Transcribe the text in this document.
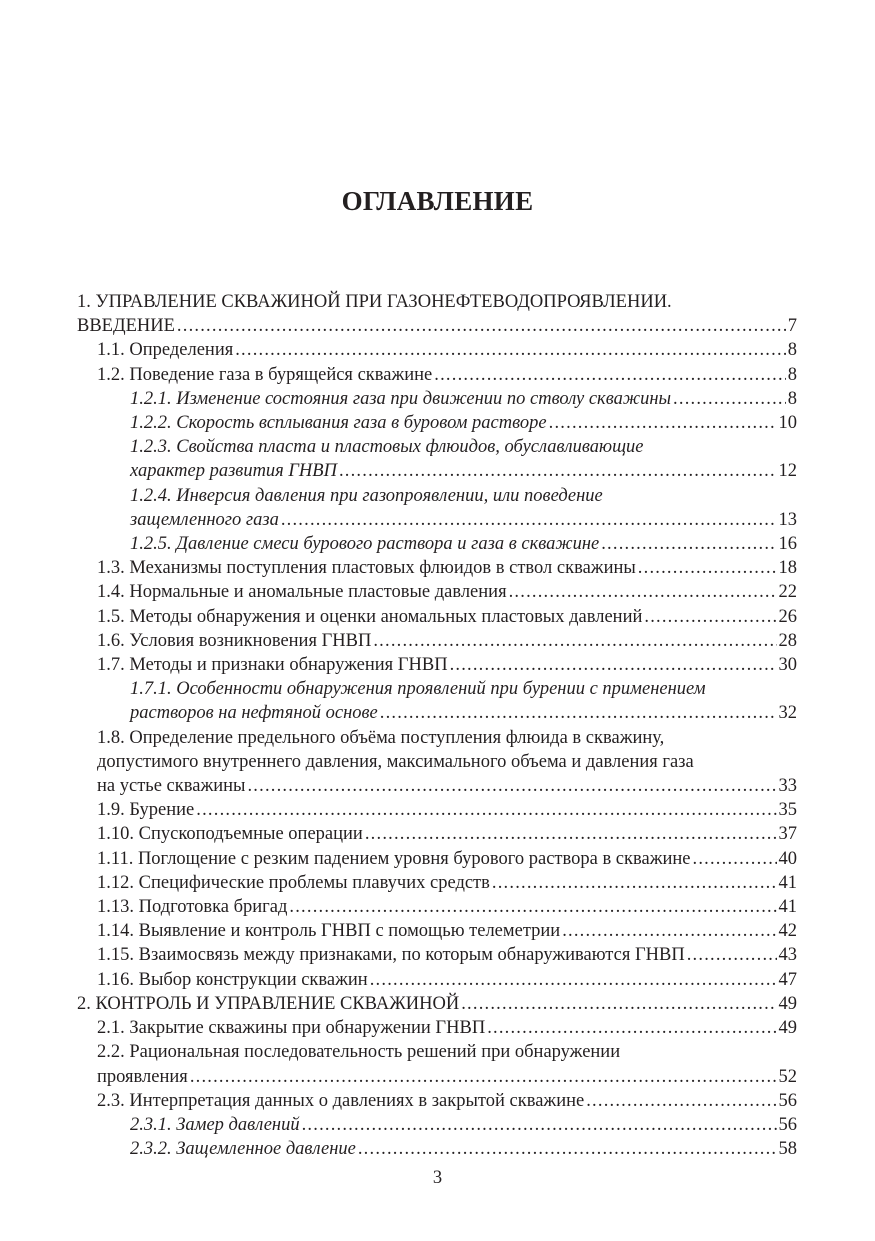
ОГЛАВЛЕНИЕ
1. УПРАВЛЕНИЕ СКВАЖИНОЙ ПРИ ГАЗОНЕФТЕВОДОПРОЯВЛЕНИИ.
ВВЕДЕНИЕ .....	7
1.1. Определения .....	8
1.2. Поведение газа в бурящейся скважине .....	8
1.2.1. Изменение состояния газа при движении по стволу скважины .....	8
1.2.2. Скорость всплывания газа в буровом растворе .....	10
1.2.3. Свойства пласта и пластовых флюидов, обуславливающие
характер развития ГНВП .....	12
1.2.4. Инверсия давления при газопроявлении, или поведение
защемленного газа .....	13
1.2.5. Давление смеси бурового раствора и газа в скважине .....	16
1.3. Механизмы поступления пластовых флюидов в ствол скважины .....	18
1.4. Нормальные и аномальные пластовые давления .....	22
1.5. Методы обнаружения и оценки аномальных пластовых давлений .....	26
1.6. Условия возникновения ГНВП .....	28
1.7. Методы и признаки обнаружения ГНВП .....	30
1.7.1. Особенности обнаружения проявлений при бурении с применением
растворов на нефтяной основе .....	32
1.8. Определение предельного объёма поступления флюида в скважину,
допустимого внутреннего давления, максимального объема и давления газа
на устье скважины .....	33
1.9. Бурение .....	35
1.10. Спускоподъемные операции .....	37
1.11. Поглощение с резким падением уровня бурового раствора в скважине .....	40
1.12. Специфические проблемы плавучих средств .....	41
1.13. Подготовка бригад .....	41
1.14. Выявление и контроль ГНВП с помощью телеметрии .....	42
1.15. Взаимосвязь между признаками, по которым обнаруживаются ГНВП .....	43
1.16. Выбор конструкции скважин .....	47
2. КОНТРОЛЬ И УПРАВЛЕНИЕ СКВАЖИНОЙ .....	49
2.1. Закрытие скважины при обнаружении ГНВП .....	49
2.2. Рациональная последовательность решений при обнаружении
проявления .....	52
2.3. Интерпретация данных о давлениях в закрытой скважине .....	56
2.3.1. Замер давлений .....	56
2.3.2. Защемленное давление .....	58
3
